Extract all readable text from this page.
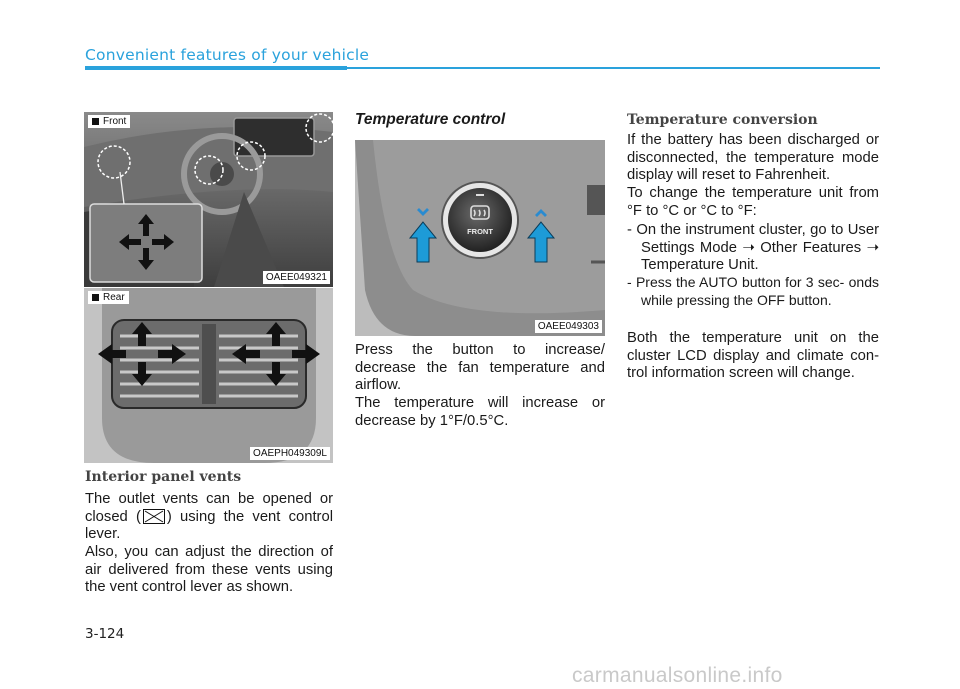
Convenient features of your vehicle
Front
OAEE049321
Rear
OAEPH049309L
Interior panel vents
The outlet vents can be opened or closed ( ) using the vent control lever.
Also, you can adjust the direction of air delivered from these vents using the vent control lever as shown.
Temperature control
FRONT
OAEE049303
Press the button to increase/ decrease the fan temperature and airflow.
The temperature will increase or decrease by 1°F/0.5°C.
Temperature conversion
If the battery has been discharged or disconnected, the temperature mode display will reset to Fahrenheit.
To change the temperature unit from °F to °C or °C to °F:
- On the instrument cluster, go to User Settings Mode ➝ Other Features ➝ Temperature Unit.
- Press the AUTO button for 3 sec- onds while pressing the OFF button.
Both the temperature unit on the cluster LCD display and climate con- trol information screen will change.
3-124
carmanualsonline.info
